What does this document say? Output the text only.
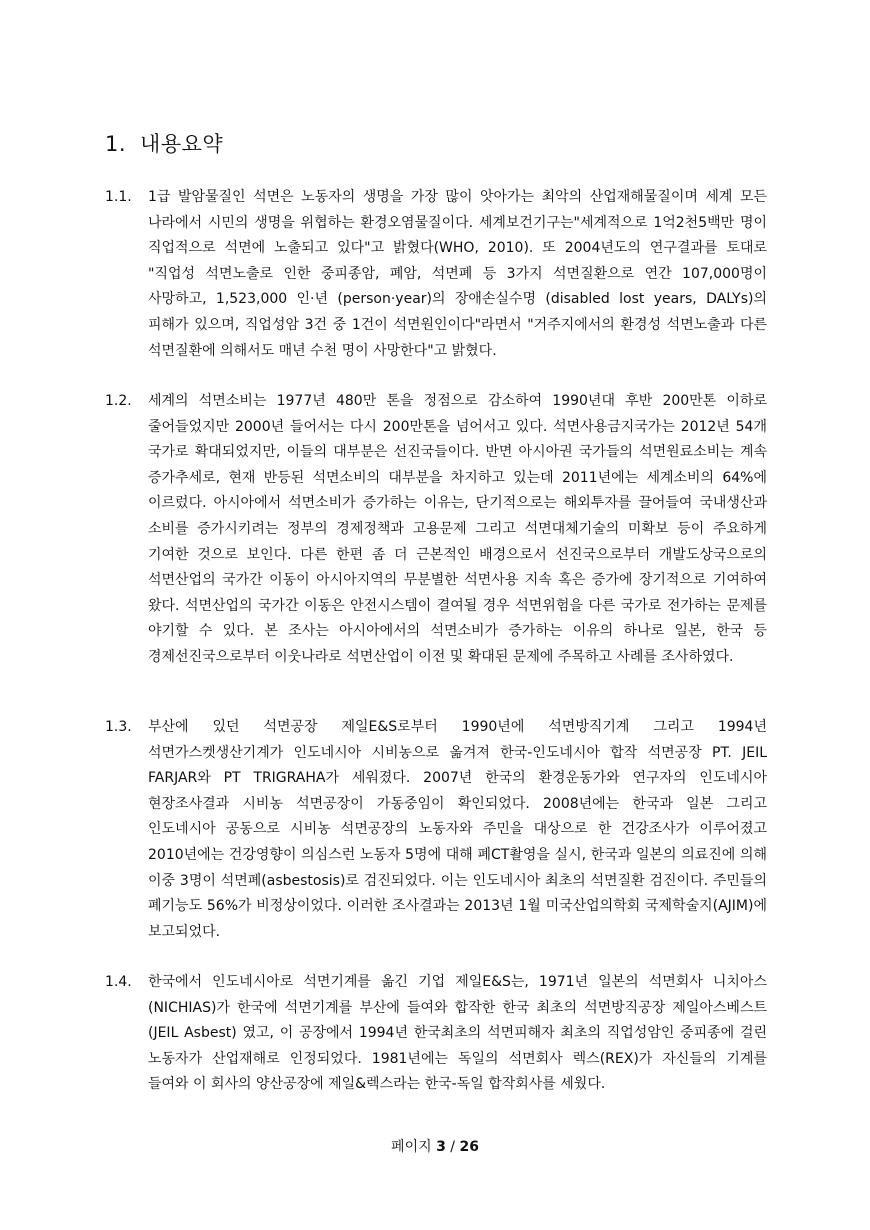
1. 내용요약
1.1. 1급 발암물질인 석면은 노동자의 생명을 가장 많이 앗아가는 최악의 산업재해물질이며 세계 모든 나라에서 시민의 생명을 위협하는 환경오염물질이다. 세계보건기구는"세계적으로 1억2천5백만 명이 직업적으로 석면에 노출되고 있다"고 밝혔다(WHO, 2010). 또 2004년도의 연구결과를 토대로 "직업성 석면노출로 인한 중피종암, 폐암, 석면폐 등 3가지 석면질환으로 연간 107,000명이 사망하고, 1,523,000 인·년 (person·year)의 장애손실수명 (disabled lost years, DALYs)의 피해가 있으며, 직업성암 3건 중 1건이 석면원인이다"라면서 "거주지에서의 환경성 석면노출과 다른 석면질환에 의해서도 매년 수천 명이 사망한다"고 밝혔다.
1.2. 세계의 석면소비는 1977년 480만 톤을 정점으로 감소하여 1990년대 후반 200만톤 이하로 줄어들었지만 2000년 들어서는 다시 200만톤을 넘어서고 있다. 석면사용금지국가는 2012년 54개 국가로 확대되었지만, 이들의 대부분은 선진국들이다. 반면 아시아권 국가들의 석면원료소비는 계속 증가추세로, 현재 반등된 석면소비의 대부분을 차지하고 있는데 2011년에는 세계소비의 64%에 이르렀다. 아시아에서 석면소비가 증가하는 이유는, 단기적으로는 해외투자를 끌어들여 국내생산과 소비를 증가시키려는 정부의 경제정책과 고용문제 그리고 석면대체기술의 미확보 등이 주요하게 기여한 것으로 보인다. 다른 한편 좀 더 근본적인 배경으로서 선진국으로부터 개발도상국으로의 석면산업의 국가간 이동이 아시아지역의 무분별한 석면사용 지속 혹은 증가에 장기적으로 기여하여 왔다. 석면산업의 국가간 이동은 안전시스템이 결여될 경우 석면위험을 다른 국가로 전가하는 문제를 야기할 수 있다. 본 조사는 아시아에서의 석면소비가 증가하는 이유의 하나로 일본, 한국 등 경제선진국으로부터 이웃나라로 석면산업이 이전 및 확대된 문제에 주목하고 사례를 조사하였다.
1.3. 부산에 있던 석면공장 제일E&S로부터 1990년에 석면방직기계 그리고 1994년 석면가스켓생산기계가 인도네시아 시비농으로 옮겨져 한국-인도네시아 합작 석면공장 PT. JEIL FARJAR와 PT TRIGRAHA가 세워졌다. 2007년 한국의 환경운동가와 연구자의 인도네시아 현장조사결과 시비농 석면공장이 가동중임이 확인되었다. 2008년에는 한국과 일본 그리고 인도네시아 공동으로 시비농 석면공장의 노동자와 주민을 대상으로 한 건강조사가 이루어졌고 2010년에는 건강영향이 의심스런 노동자 5명에 대해 폐CT촬영을 실시, 한국과 일본의 의료진에 의해 이중 3명이 석면폐(asbestosis)로 검진되었다. 이는 인도네시아 최초의 석면질환 검진이다. 주민들의 폐기능도 56%가 비정상이었다. 이러한 조사결과는 2013년 1월 미국산업의학회 국제학술지(AJIM)에 보고되었다.
1.4. 한국에서 인도네시아로 석면기계를 옮긴 기업 제일E&S는, 1971년 일본의 석면회사 니치아스(NICHIAS)가 한국에 석면기계를 부산에 들여와 합작한 한국 최초의 석면방직공장 제일아스베스트(JEIL Asbest) 였고, 이 공장에서 1994년 한국최초의 석면피해자 최초의 직업성암인 중피종에 걸린 노동자가 산업재해로 인정되었다. 1981년에는 독일의 석면회사 렉스(REX)가 자신들의 기계를 들여와 이 회사의 양산공장에 제일&렉스라는 한국-독일 합작회사를 세웠다.
페이지 3 / 26
